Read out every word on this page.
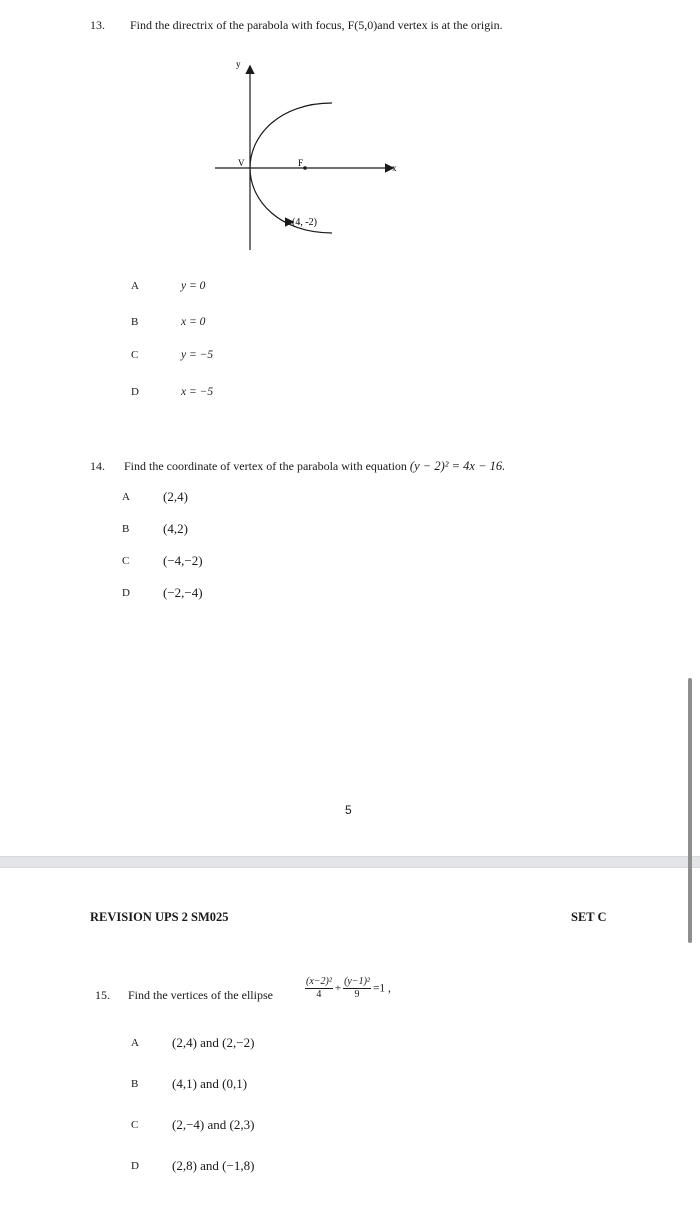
13. Find the directrix of the parabola with focus, F(5,0)and vertex is at the origin.
y
x
V	F
(4, -2)
A	y = 0
B	x = 0
C	y = −5
D	x = −5
14. Find the coordinate of vertex of the parabola with equation (y − 2)² = 4x − 16.
A	(2,4)
B	(4,2)
C	(−4,−2)
D	(−2,−4)
5
REVISION UPS 2 SM025	SET C
15. Find the vertices of the ellipse	$\frac{\text{(x−2)²}}{4} + \frac{\text{(y−1)²}}{9} =1$ ,
A	(2,4) and (2,−2)
B	(4,1) and (0,1)
C	(2,−4) and (2,3)
D	(2,8) and (−1,8)
